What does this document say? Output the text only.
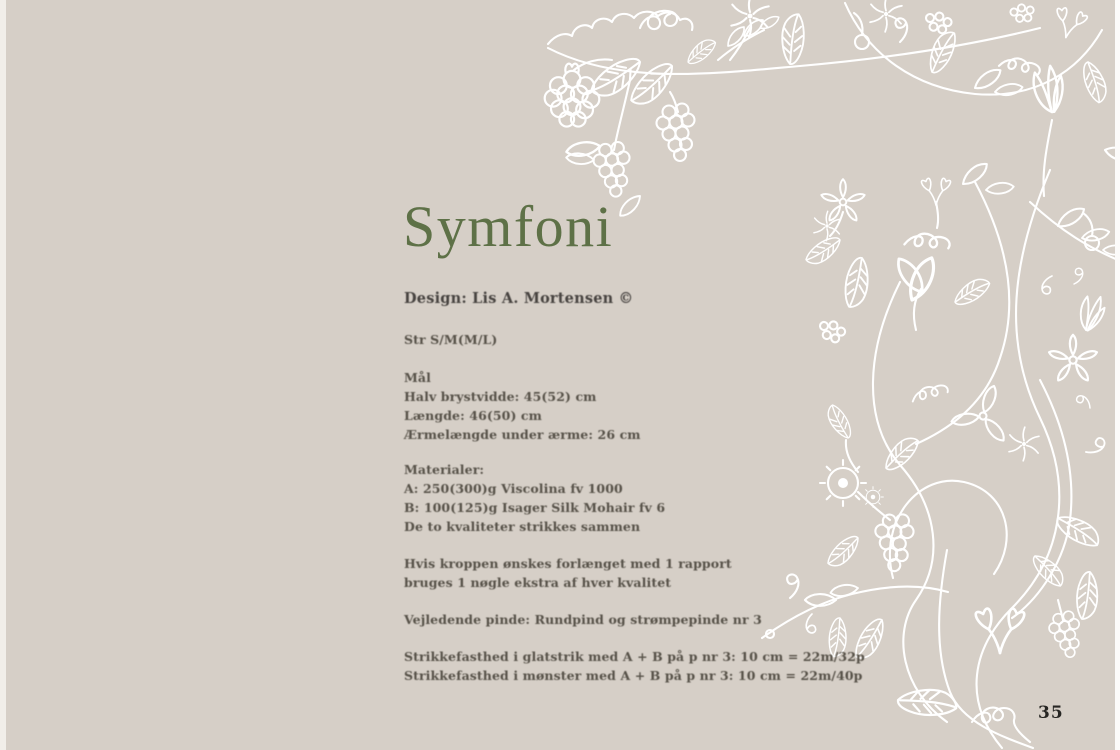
Symfoni
Design: Lis A. Mortensen ©
Str S/M(M/L)
Mål
Halv brystvidde: 45(52) cm
Længde: 46(50) cm
Ærmelængde under ærme: 26 cm
Materialer:
A: 250(300)g Viscolina fv 1000
B: 100(125)g Isager Silk Mohair fv 6
De to kvaliteter strikkes sammen
Hvis kroppen ønskes forlænget med 1 rapport
bruges 1 nøgle ekstra af hver kvalitet
Vejledende pinde: Rundpind og strømpepinde nr 3
Strikkefasthed i glatstrik med A + B på p nr 3: 10 cm = 22m/32p
Strikkefasthed i mønster med A + B på p nr 3: 10 cm = 22m/40p
35
